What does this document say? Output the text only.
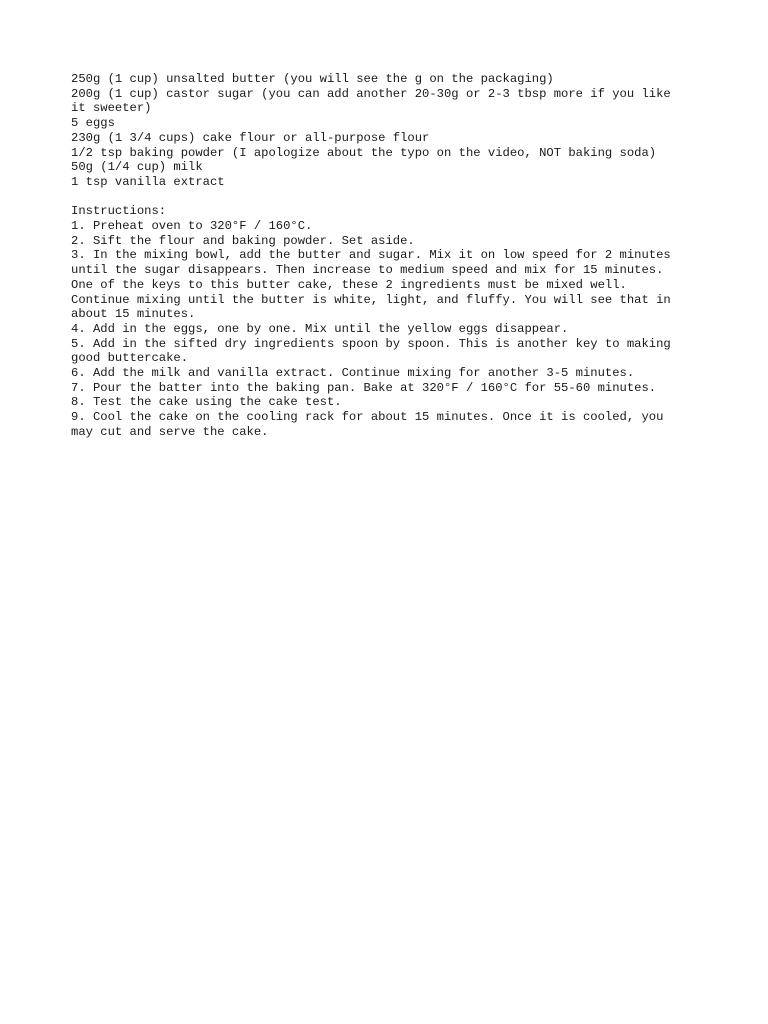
250g (1 cup) unsalted butter (you will see the g on the packaging)
200g (1 cup) castor sugar (you can add another 20-30g or 2-3 tbsp more if you like
it sweeter)
5 eggs
230g (1 3/4 cups) cake flour or all-purpose flour
1/2 tsp baking powder (I apologize about the typo on the video, NOT baking soda)
50g (1/4 cup) milk
1 tsp vanilla extract
Instructions:
1. Preheat oven to 320°F / 160°C.
2. Sift the flour and baking powder. Set aside.
3. In the mixing bowl, add the butter and sugar. Mix it on low speed for 2 minutes
until the sugar disappears. Then increase to medium speed and mix for 15 minutes.
One of the keys to this butter cake, these 2 ingredients must be mixed well.
Continue mixing until the butter is white, light, and fluffy. You will see that in
about 15 minutes.
4. Add in the eggs, one by one. Mix until the yellow eggs disappear.
5. Add in the sifted dry ingredients spoon by spoon. This is another key to making
good buttercake.
6. Add the milk and vanilla extract. Continue mixing for another 3-5 minutes.
7. Pour the batter into the baking pan. Bake at 320°F / 160°C for 55-60 minutes.
8. Test the cake using the cake test.
9. Cool the cake on the cooling rack for about 15 minutes. Once it is cooled, you
may cut and serve the cake.
